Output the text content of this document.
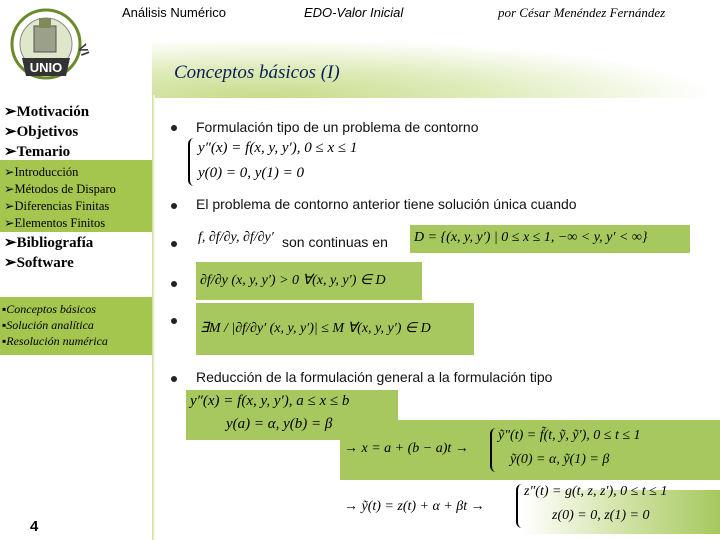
UNIO
VI
Análisis Numérico	EDO-Valor Inicial	por César Menéndez Fernández
Conceptos básicos (I)
➢Motivación
➢Objetivos
➢Temario
➢Introducción
➢Métodos de Disparo
➢Diferencias Finitas
➢Elementos Finitos
➢Bibliografía
➢Software
▪Conceptos básicos
▪Solución analítica
▪Resolución numérica
4
Formulación tipo de un problema de contorno
y″(x) = f(x, y, y′), 0 ≤ x ≤ 1
y(0) = 0, y(1) = 0
El problema de contorno anterior tiene solución única cuando
f, ∂f/∂y, ∂f/∂y′ son continuas en D = {(x, y, y′) | 0 ≤ x ≤ 1, −∞ < y, y′ < ∞}
∂f/∂y (x, y, y′) > 0 ∀(x, y, y′) ∈ D
∃M / |∂f/∂y′ (x, y, y′)| ≤ M ∀(x, y, y′) ∈ D
Reducción de la formulación general a la formulación tipo
y″(x) = f(x, y, y′), a ≤ x ≤ b
y(a) = α, y(b) = β
→ x = a + (b − a)t →
ỹ″(t) = f̃(t, ỹ, ỹ′), 0 ≤ t ≤ 1
ỹ(0) = α, ỹ(1) = β
→ ỹ(t) = z(t) + α + βt →
z″(t) = g(t, z, z′), 0 ≤ t ≤ 1
z(0) = 0, z(1) = 0
